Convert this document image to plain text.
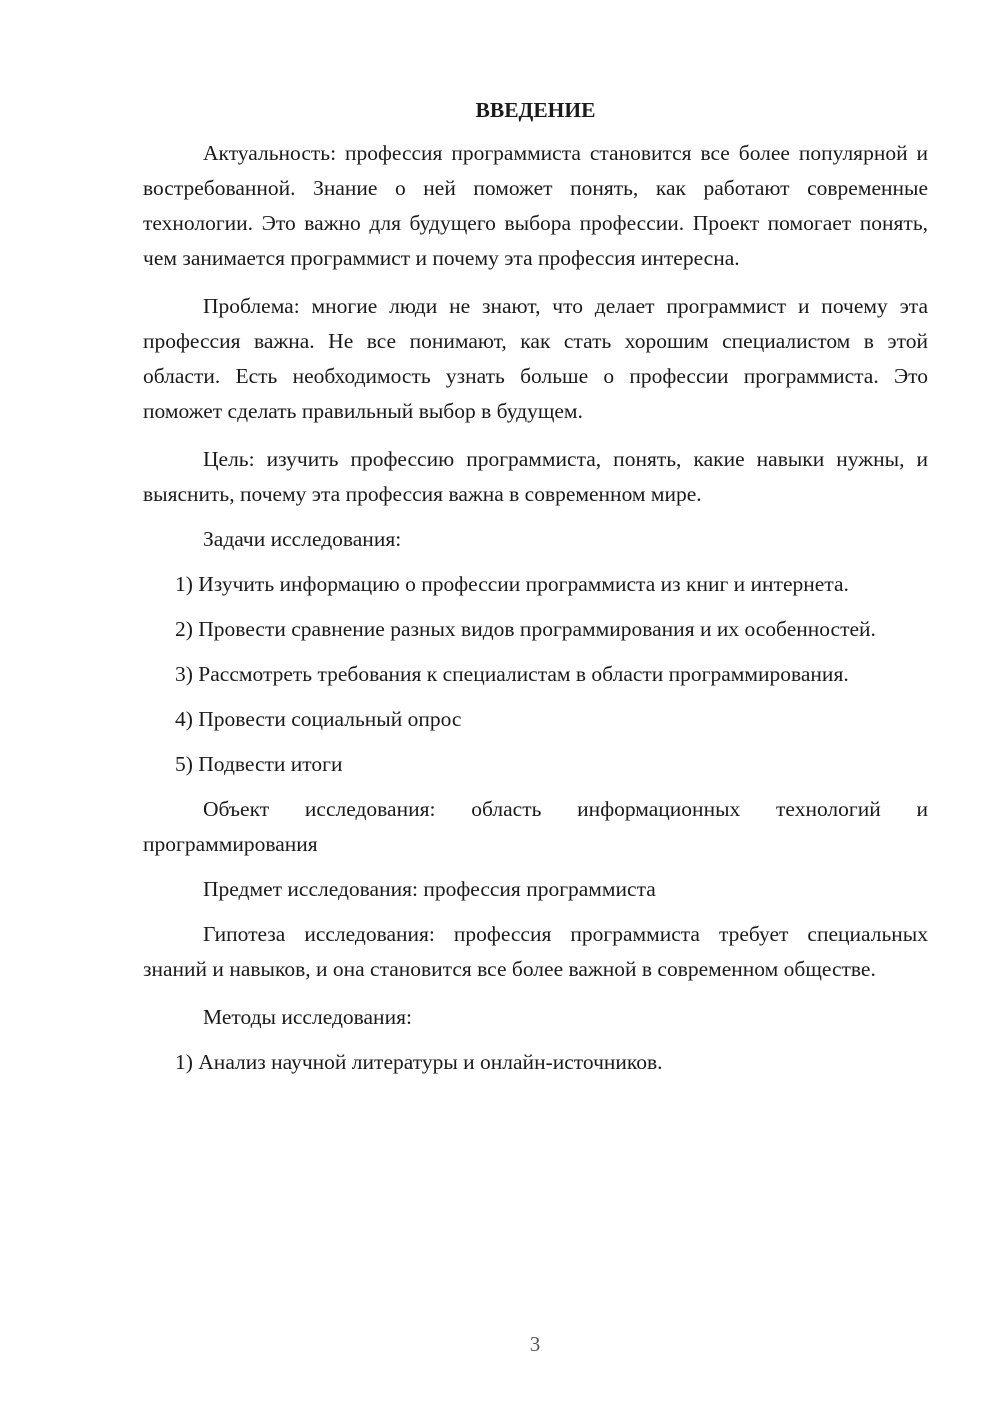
ВВЕДЕНИЕ

Актуальность: профессия программиста становится все более популярной и востребованной. Знание о ней поможет понять, как работают современные технологии. Это важно для будущего выбора профессии. Проект помогает понять, чем занимается программист и почему эта профессия интересна.

Проблема: многие люди не знают, что делает программист и почему эта профессия важна. Не все понимают, как стать хорошим специалистом в этой области. Есть необходимость узнать больше о профессии программиста. Это поможет сделать правильный выбор в будущем.

Цель: изучить профессию программиста, понять, какие навыки нужны, и выяснить, почему эта профессия важна в современном мире.

Задачи исследования:

1) Изучить информацию о профессии программиста из книг и интернета.

2) Провести сравнение разных видов программирования и их особенностей.

3) Рассмотреть требования к специалистам в области программирования.

4) Провести социальный опрос

5) Подвести итоги

Объект исследования: область информационных технологий и программирования

Предмет исследования: профессия программиста

Гипотеза исследования: профессия программиста требует специальных знаний и навыков, и она становится все более важной в современном обществе.

Методы исследования:

1) Анализ научной литературы и онлайн-источников.

3
